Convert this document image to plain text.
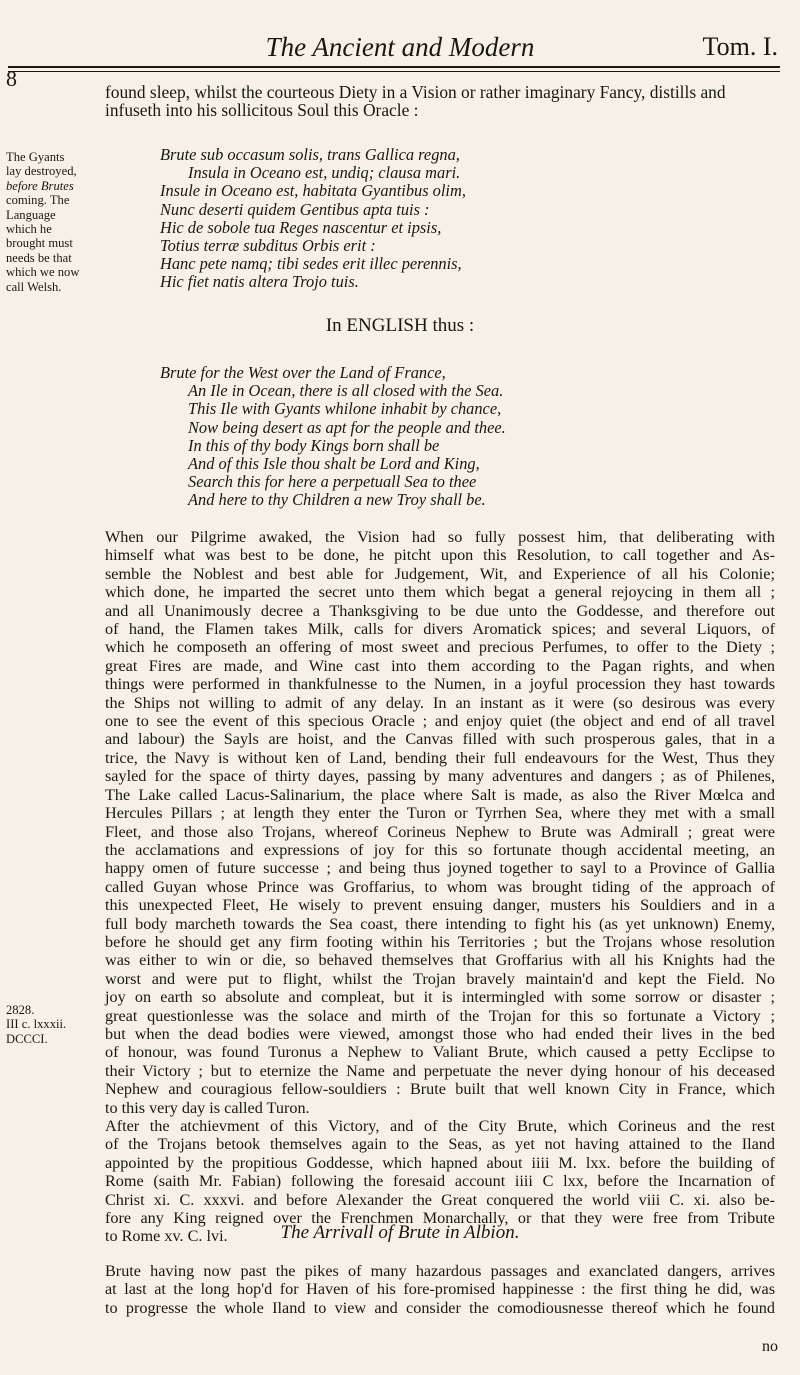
8
The Ancient and Modern	Tom. I.
found sleep, whilst the courteous Diety in a Vision or rather imaginary Fancy, distills and
infuseth into his sollicitous Soul this Oracle :
The Gyants
lay destroyed,
before Brutes
coming. The
Language
which he
brought must
needs be that
which we now
call Welsh.
Brute sub occasum solis, trans Gallica regna,
Insula in Oceano est, undiq; clausa mari.
Insule in Oceano est, habitata Gyantibus olim,
Nunc deserti quidem Gentibus apta tuis :
Hic de sobole tua Reges nascentur et ipsis,
Totius terræ subditus Orbis erit :
Hanc pete namq; tibi sedes erit illec perennis,
Hic fiet natis altera Trojo tuis.
In ENGLISH thus :
Brute for the West over the Land of France,
An Ile in Ocean, there is all closed with the Sea.
This Ile with Gyants whilone inhabit by chance,
Now being desert as apt for the people and thee.
In this of thy body Kings born shall be
And of this Isle thou shalt be Lord and King,
Search this for here a perpetuall Sea to thee
And here to thy Children a new Troy shall be.
When our Pilgrime awaked, the Vision had so fully possest him, that deliberating with
himself what was best to be done, he pitcht upon this Resolution, to call together and As-
semble the Noblest and best able for Judgement, Wit, and Experience of all his Colonie;
which done, he imparted the secret unto them which begat a general rejoycing in them all ;
and all Unanimously decree a Thanksgiving to be due unto the Goddesse, and therefore out
of hand, the Flamen takes Milk, calls for divers Aromatick spices; and several Liquors, of
which he composeth an offering of most sweet and precious Perfumes, to offer to the Diety ;
great Fires are made, and Wine cast into them according to the Pagan rights, and when
things were performed in thankfulnesse to the Numen, in a joyful procession they hast towards
the Ships not willing to admit of any delay. In an instant as it were (so desirous was every
one to see the event of this specious Oracle ; and enjoy quiet (the object and end of all travel
and labour) the Sayls are hoist, and the Canvas filled with such prosperous gales, that in a
trice, the Navy is without ken of Land, bending their full endeavours for the West, Thus they
sayled for the space of thirty dayes, passing by many adventures and dangers ; as of Philenes,
The Lake called Lacus-Salinarium, the place where Salt is made, as also the River Mœlca and
Hercules Pillars ; at length they enter the Turon or Tyrrhen Sea, where they met with a small
Fleet, and those also Trojans, whereof Corineus Nephew to Brute was Admirall ; great were
the acclamations and expressions of joy for this so fortunate though accidental meeting, an
happy omen of future successe ; and being thus joyned together to sayl to a Province of Gallia
called Guyan whose Prince was Groffarius, to whom was brought tiding of the approach of
this unexpected Fleet, He wisely to prevent ensuing danger, musters his Souldiers and in a
full body marcheth towards the Sea coast, there intending to fight his (as yet unknown) Enemy,
before he should get any firm footing within his Territories ; but the Trojans whose resolution
was either to win or die, so behaved themselves that Groffarius with all his Knights had the
worst and were put to flight, whilst the Trojan bravely maintain'd and kept the Field. No
joy on earth so absolute and compleat, but it is intermingled with some sorrow or disaster ;
great questionlesse was the solace and mirth of the Trojan for this so fortunate a Victory ;
but when the dead bodies were viewed, amongst those who had ended their lives in the bed
of honour, was found Turonus a Nephew to Valiant Brute, which caused a petty Ecclipse to
their Victory ; but to eternize the Name and perpetuate the never dying honour of his deceased
Nephew and couragious fellow-souldiers : Brute built that well known City in France, which
to this very day is called Turon.
After the atchievment of this Victory, and of the City Brute, which Corineus and the rest
of the Trojans betook themselves again to the Seas, as yet not having attained to the Iland
appointed by the propitious Goddesse, which hapned about iiii M. lxx. before the building of
Rome (saith Mr. Fabian) following the foresaid account iiii C lxx, before the Incarnation of
Christ xi. C. xxxvi. and before Alexander the Great conquered the world viii C. xi. also be-
fore any King reigned over the Frenchmen Monarchally, or that they were free from Tribute
to Rome xv. C. lvi.
2828.
III c. lxxxii.
DCCCI.
The Arrivall of Brute in Albion.
Brute having now past the pikes of many hazardous passages and exanclated dangers, arrives
at last at the long hop'd for Haven of his fore-promised happinesse : the first thing he did, was
to progresse the whole Iland to view and consider the comodiousnesse thereof which he found
no
